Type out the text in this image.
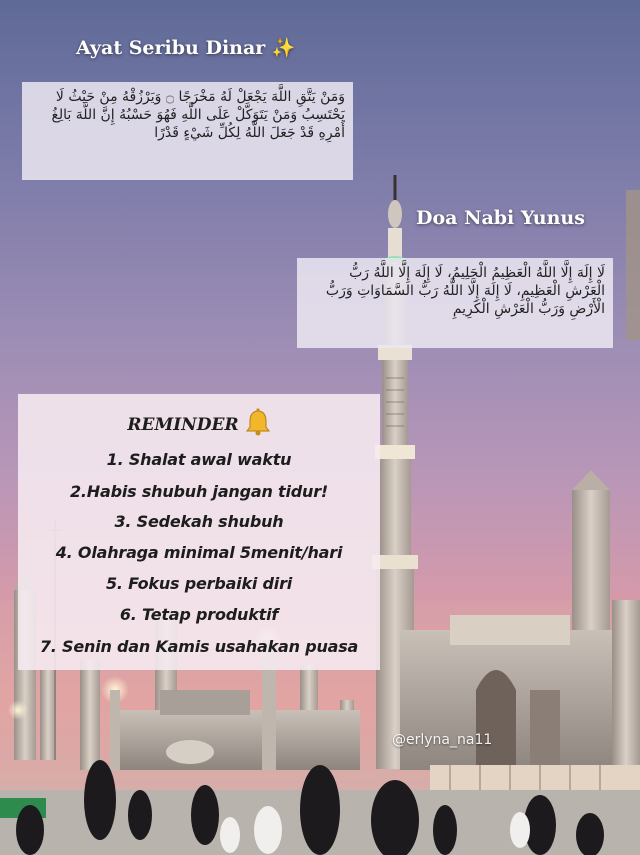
Ayat Seribu Dinar ✨
وَمَنْ يَتَّقِ اللَّهَ يَجْعَلْ لَهُ مَخْرَجًا ۝ وَيَرْزُقْهُ مِنْ حَيْثُ لَا يَحْتَسِبُ وَمَنْ يَتَوَكَّلْ عَلَى اللَّهِ فَهُوَ حَسْبُهُ إِنَّ اللَّهَ بَالِغُ أَمْرِهِ قَدْ جَعَلَ اللَّهُ لِكُلِّ شَيْءٍ قَدْرًا
Doa Nabi Yunus
لَا إِلَهَ إِلَّا اللَّهُ الْعَظِيمُ الْحَلِيمُ، لَا إِلَهَ إِلَّا اللَّهُ رَبُّ الْعَرْشِ الْعَظِيمِ، لَا إِلَهَ إِلَّا اللَّهُ رَبُّ السَّمَاوَاتِ وَرَبُّ الْأَرْضِ وَرَبُّ الْعَرْشِ الْكَرِيمِ
REMINDER
1. Shalat awal waktu
2.Habis shubuh jangan tidur!
3. Sedekah shubuh
4. Olahraga minimal 5menit/hari
5. Fokus perbaiki diri
6. Tetap produktif
7. Senin dan Kamis usahakan puasa
@erlyna_na11
